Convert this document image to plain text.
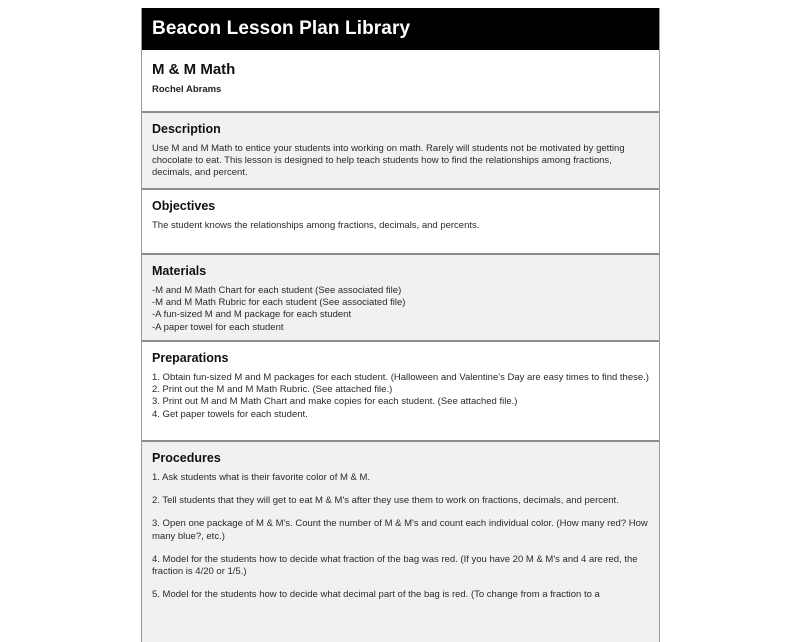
Beacon Lesson Plan Library
M & M Math
Rochel Abrams
Description

Use M and M Math to entice your students into working on math. Rarely will students not be motivated by getting chocolate to eat. This lesson is designed to help teach students how to find the relationships among fractions, decimals, and percent.

Objectives

The student knows the relationships among fractions, decimals, and percents.

Materials
-M and M Math Chart for each student (See associated file)
-M and M Math Rubric for each student (See associated file)
-A fun-sized M and M package for each student
-A paper towel for each student
Preparations
1. Obtain fun-sized M and M packages for each student. (Halloween and Valentine's Day are easy times to find these.)
2. Print out the M and M Math Rubric. (See attached file.)
3. Print out M and M Math Chart and make copies for each student. (See attached file.)
4. Get paper towels for each student.
Procedures

1. Ask students what is their favorite color of M & M.

2. Tell students that they will get to eat M & M's after they use them to work on fractions, decimals, and percent.

3. Open one package of M & M's. Count the number of M & M's and count each individual color. (How many red? How many blue?, etc.)

4. Model for the students how to decide what fraction of the bag was red. (If you have 20 M & M's and 4 are red, the fraction is 4/20 or 1/5.)

5. Model for the students how to decide what decimal part of the bag is red. (To change from a fraction to a
